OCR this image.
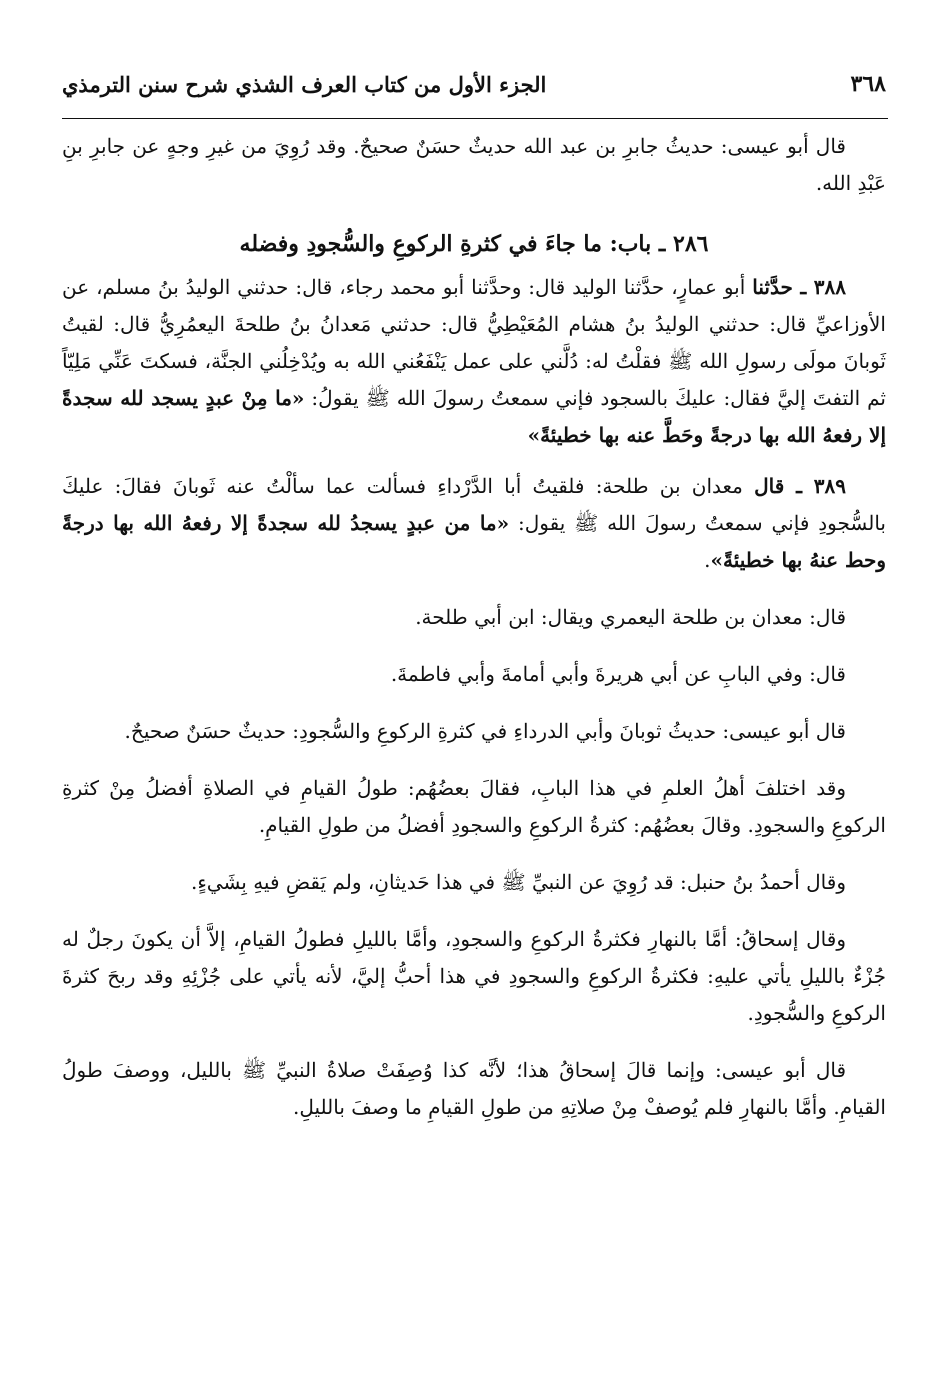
٣٦٨
الجزء الأول من كتاب العرف الشذي شرح سنن الترمذي

قال أبو عيسى: حديثُ جابرِ بن عبد الله حديثٌ حسَنٌ صحيحٌ. وقد رُوِيَ من غيرِ وجهٍ عن جابرِ بنِ عَبْدِ الله.

٢٨٦ ـ باب: ما جاءَ في كثرةِ الركوعِ والسُّجودِ وفضله

٣٨٨ ـ حدَّثنا أبو عمارٍ، حدَّثنا الوليد قال: وحدَّثنا أبو محمد رجاء، قال: حدثني الوليدُ بنُ مسلم، عن الأوزاعيِّ قال: حدثني الوليدُ بنُ هشام المُعَيْطِيُّ قال: حدثني مَعدانُ بنُ طلحةَ اليعمُرِيُّ قال: لقيتُ ثَوبانَ مولَى رسولِ الله ﷺ فقلْتُ له: دُلَّني على عمل يَنْفَعُني الله به ويُدْخِلُني الجنَّة، فسكتَ عَنِّي مَلِيّاً ثم التفتَ إليَّ فقال: عليكَ بالسجود فإني سمعتُ رسولَ الله ﷺ يقولُ: «ما مِنْ عبدٍ يسجد لله سجدةً إلا رفعهُ الله بها درجةً وحَطَّ عنه بها خطيئةً»

٣٨٩ ـ قال معدان بن طلحة: فلقيتُ أبا الدَّرْداءِ فسألت عما سألْتُ عنه ثَوبانَ فقالَ: عليكَ بالسُّجودِ فإني سمعتُ رسولَ الله ﷺ يقول: «ما من عبدٍ يسجدُ لله سجدةً إلا رفعهُ الله بها درجةً وحط عنهُ بها خطيئةً».

قال: معدان بن طلحة اليعمري ويقال: ابن أبي طلحة.

قال: وفي البابِ عن أبي هريرةَ وأبي أمامةَ وأبي فاطمةَ.

قال أبو عيسى: حديثُ ثوبانَ وأبي الدرداءِ في كثرةِ الركوعِ والسُّجودِ: حديثٌ حسَنٌ صحيحٌ.

وقد اختلفَ أهلُ العلمِ في هذا البابِ، فقالَ بعضُهُم: طولُ القيامِ في الصلاةِ أفضلُ مِنْ كثرةِ الركوعِ والسجودِ. وقالَ بعضُهُم: كثرةُ الركوعِ والسجودِ أفضلُ من طولِ القيامِ.

وقال أحمدُ بنُ حنبل: قد رُوِيَ عن النبيِّ ﷺ في هذا حَديثانِ، ولم يَقضِ فيهِ بِشَيءٍ.

وقال إسحاقُ: أمَّا بالنهارِ فكثرةُ الركوعِ والسجودِ، وأمَّا بالليلِ فطولُ القيامِ، إلاَّ أن يكونَ رجلٌ له جُزْءٌ بالليلِ يأتي عليهِ: فكثرةُ الركوعِ والسجودِ في هذا أحبُّ إليَّ، لأنه يأتي على جُزْئِهِ وقد ربحَ كثرةَ الركوعِ والسُّجودِ.

قال أبو عيسى: وإنما قالَ إسحاقُ هذا؛ لأنَّه كذا وُصِفَتْ صلاةُ النبيِّ ﷺ بالليل، ووصفَ طولُ القيامِ. وأمَّا بالنهارِ فلم يُوصفْ مِنْ صلاتِهِ من طولِ القيامِ ما وصفَ بالليلِ.
